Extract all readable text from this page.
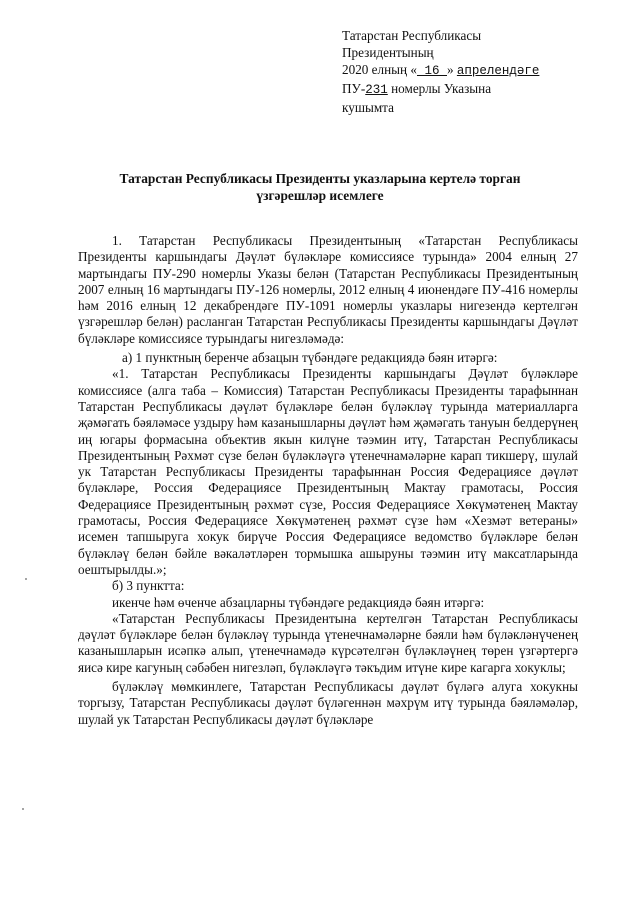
Татарстан Республикасы
Президентының
2020 елның « 16 » апрелендәге
ПУ-231 номерлы Указына
кушымта
Татарстан Республикасы Президенты указларына кертелә торган
үзгәрешләр исемлеге

1. Татарстан Республикасы Президентының «Татарстан Республикасы Президенты каршындагы Дәүләт бүләкләре комиссиясе турында» 2004 елның 27 мартындагы ПУ-290 номерлы Указы белән (Татарстан Республикасы Президентының 2007 елның 16 мартындагы ПУ-126 номерлы, 2012 елның 4 июнендәге ПУ-416 номерлы һәм 2016 елның 12 декабрендәге ПУ-1091 номерлы указлары нигезендә кертелгән үзгәрешләр белән) расланган Татарстан Республикасы Президенты каршындагы Дәүләт бүләкләре комиссиясе турындагы нигезләмәдә:

а) 1 пунктның беренче абзацын түбәндәге редакциядә бәян итәргә:

«1. Татарстан Республикасы Президенты каршындагы Дәүләт бүләкләре комиссиясе (алга таба – Комиссия) Татарстан Республикасы Президенты тарафыннан Татарстан Республикасы дәүләт бүләкләре белән бүләкләү турында материалларга җәмәгать бәяләмәсе уздыру һәм казанышларны дәүләт һәм җәмәгать тануын белдерүнең иң югары формасына объектив якын килүне тәэмин итү, Татарстан Республикасы Президентының Рәхмәт сүзе белән бүләкләүгә үтенечнамәләрне карап тикшерү, шулай ук Татарстан Республикасы Президенты тарафыннан Россия Федерациясе дәүләт бүләкләре, Россия Федерациясе Президентының Мактау грамотасы, Россия Федерациясе Президентының рәхмәт сүзе, Россия Федерациясе Хөкүмәтенең Мактау грамотасы, Россия Федерациясе Хөкүмәтенең рәхмәт сүзе һәм «Хезмәт ветераны» исемен тапшыруга хокук бирүче Россия Федерациясе ведомство бүләкләре белән бүләкләү белән бәйле вәкаләтләрен тормышка ашыруны тәэмин итү максатларында оештырылды.»;

б) 3 пунктта:

икенче һәм өченче абзацларны түбәндәге редакциядә бәян итәргә:

«Татарстан Республикасы Президентына кертелгән Татарстан Республикасы дәүләт бүләкләре белән бүләкләү турында үтенечнамәләрне бәяли һәм бүләкләнүченең казанышларын исәпкә алып, үтенечнамәдә күрсәтелгән бүләкләүнең төрен үзгәртергә яисә кире кагуның сәбәбен нигезләп, бүләкләүгә тәкъдим итүне кире кагарга хокуклы;

бүләкләү мөмкинлеге, Татарстан Республикасы дәүләт бүләгә алуга хокукны торгызу, Татарстан Республикасы дәүләт бүләгеннән мәхрүм итү турында бәяләмәләр, шулай ук Татарстан Республикасы дәүләт бүләкләре
